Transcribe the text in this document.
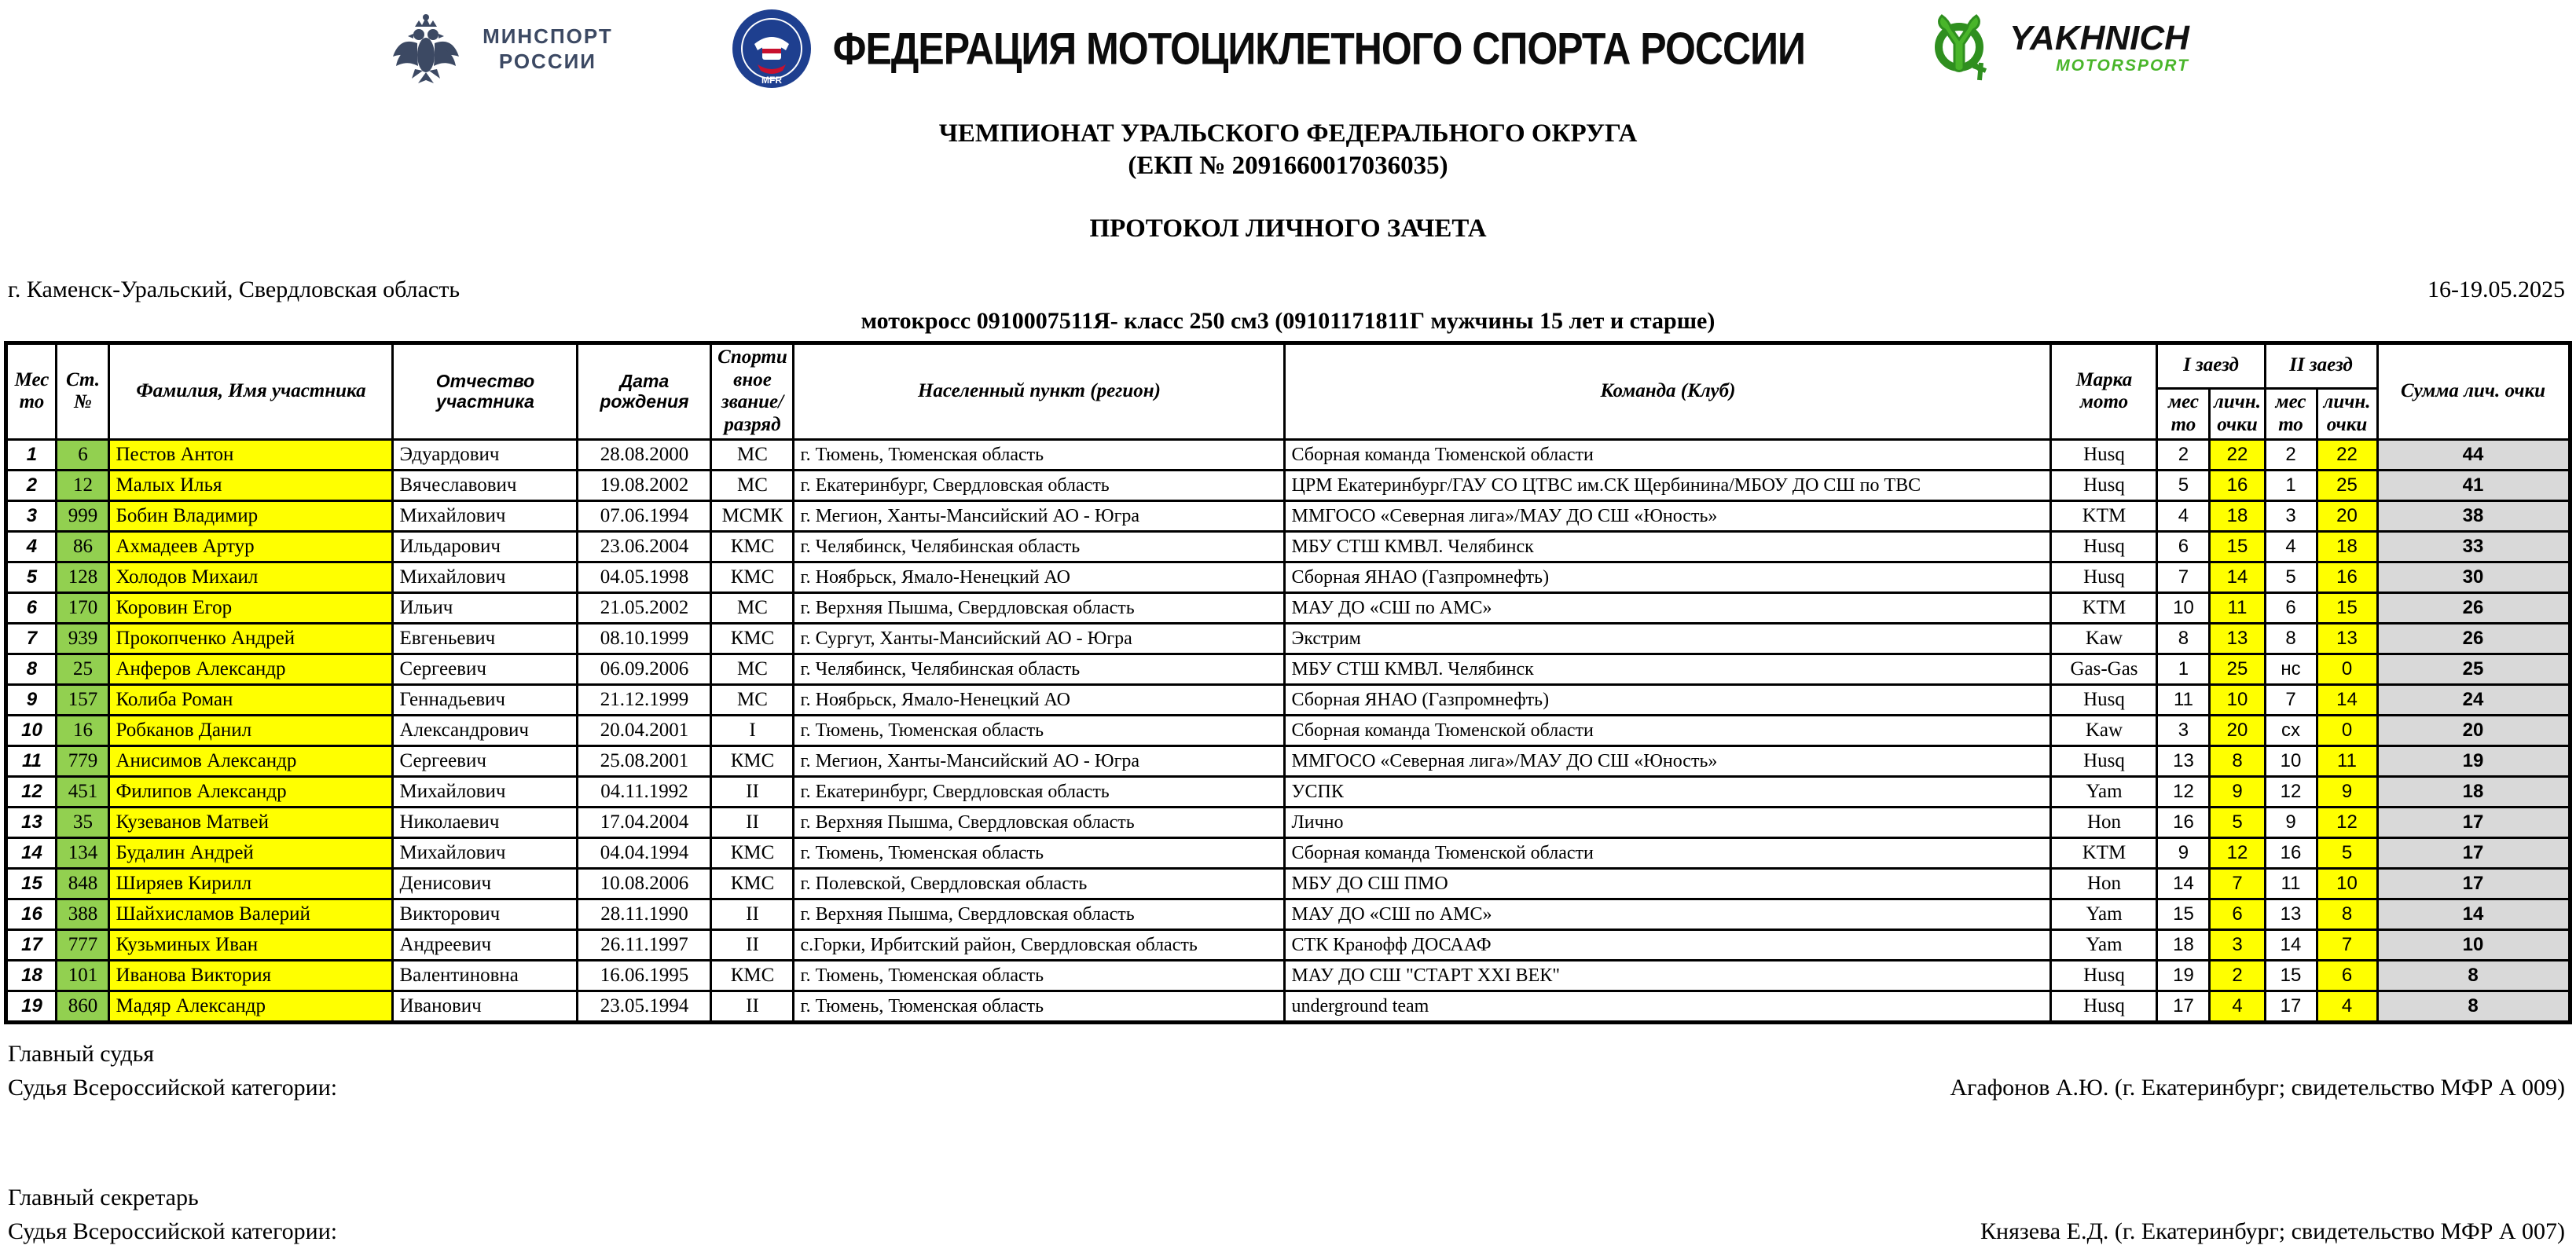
МИНСПОРТ
РОССИИ
MFR
ФЕДЕРАЦИЯ МОТОЦИКЛЕТНОГО СПОРТА РОССИИ	YAKHNICH
MOTORSPORT
ЧЕМПИОНАТ УРАЛЬСКОГО ФЕДЕРАЛЬНОГО ОКРУГА
(ЕКП № 2091660017036035)
ПРОТОКОЛ ЛИЧНОГО ЗАЧЕТА
г. Каменск-Уральский, Свердловская область	16-19.05.2025
мотокросс 0910007511Я- класс 250 см3 (09101171811Г мужчины 15 лет и старше)
Место	Ст. №	Фамилия, Имя участника	Отчество участника	Дата рождения	Спортивное звание/разряд	Населенный пункт (регион)	Команда (Клуб)	Марка мото	I заезд		II заезд		Сумма лич. очки
									место	личн. очки	место	личн. очки	
1	6	Пестов Антон	Эдуардович	28.08.2000	МС	г. Тюмень, Тюменская область	Сборная команда Тюменской области	Husq	2	22	2	22	44
2	12	Малых Илья	Вячеславович	19.08.2002	МС	г. Екатеринбург, Свердловская область	ЦРМ Екатеринбург/ГАУ СО ЦТВС им.СК Щербинина/МБОУ ДО СШ по ТВС	Husq	5	16	1	25	41
3	999	Бобин Владимир	Михайлович	07.06.1994	МСМК	г. Мегион, Ханты-Мансийский АО - Югра	ММГОСО «Северная лига»/МАУ ДО СШ «Юность»	KTM	4	18	3	20	38
4	86	Ахмадеев Артур	Ильдарович	23.06.2004	КМС	г. Челябинск, Челябинская область	МБУ СТШ КМВЛ. Челябинск	Husq	6	15	4	18	33
5	128	Холодов Михаил	Михайлович	04.05.1998	КМС	г. Ноябрьск, Ямало-Ненецкий АО	Сборная ЯНАО (Газпромнефть)	Husq	7	14	5	16	30
6	170	Коровин Егор	Ильич	21.05.2002	МС	г. Верхняя Пышма, Свердловская область	МАУ ДО «СШ по АМС»	KTM	10	11	6	15	26
7	939	Прокопченко Андрей	Евгеньевич	08.10.1999	КМС	г. Сургут, Ханты-Мансийский АО - Югра	Экстрим	Kaw	8	13	8	13	26
8	25	Анферов Александр	Сергеевич	06.09.2006	МС	г. Челябинск, Челябинская область	МБУ СТШ КМВЛ. Челябинск	Gas-Gas	1	25	нс	0	25
9	157	Колиба Роман	Геннадьевич	21.12.1999	МС	г. Ноябрьск, Ямало-Ненецкий АО	Сборная ЯНАО (Газпромнефть)	Husq	11	10	7	14	24
10	16	Робканов Данил	Александрович	20.04.2001	I	г. Тюмень, Тюменская область	Сборная команда Тюменской области	Kaw	3	20	сх	0	20
11	779	Анисимов Александр	Сергеевич	25.08.2001	КМС	г. Мегион, Ханты-Мансийский АО - Югра	ММГОСО «Северная лига»/МАУ ДО СШ «Юность»	Husq	13	8	10	11	19
12	451	Филипов Александр	Михайлович	04.11.1992	II	г. Екатеринбург, Свердловская область	УСПК	Yam	12	9	12	9	18
13	35	Кузеванов Матвей	Николаевич	17.04.2004	II	г. Верхняя Пышма, Свердловская область	Лично	Hon	16	5	9	12	17
14	134	Будалин Андрей	Михайлович	04.04.1994	КМС	г. Тюмень, Тюменская область	Сборная команда Тюменской области	KTM	9	12	16	5	17
15	848	Ширяев Кирилл	Денисович	10.08.2006	КМС	г. Полевской, Свердловская область	МБУ ДО СШ ПМО	Hon	14	7	11	10	17
16	388	Шайхисламов Валерий	Викторович	28.11.1990	II	г. Верхняя Пышма, Свердловская область	МАУ ДО «СШ по АМС»	Yam	15	6	13	8	14
17	777	Кузьминых Иван	Андреевич	26.11.1997	II	с.Горки, Ирбитский район, Свердловская область	СТК Кранофф ДОСААФ	Yam	18	3	14	7	10
18	101	Иванова Виктория	Валентиновна	16.06.1995	КМС	г. Тюмень, Тюменская область	МАУ ДО СШ "СТАРТ XXI ВЕК"	Husq	19	2	15	6	8
19	860	Мадяр Александр	Иванович	23.05.1994	II	г. Тюмень, Тюменская область	underground team	Husq	17	4	17	4	8
Главный судья
Судья Всероссийской категории:	Агафонов А.Ю. (г. Екатеринбург; свидетельство МФР А 009)
Главный секретарь
Судья Всероссийской категории:	Князева Е.Д. (г. Екатеринбург; свидетельство МФР А 007)
